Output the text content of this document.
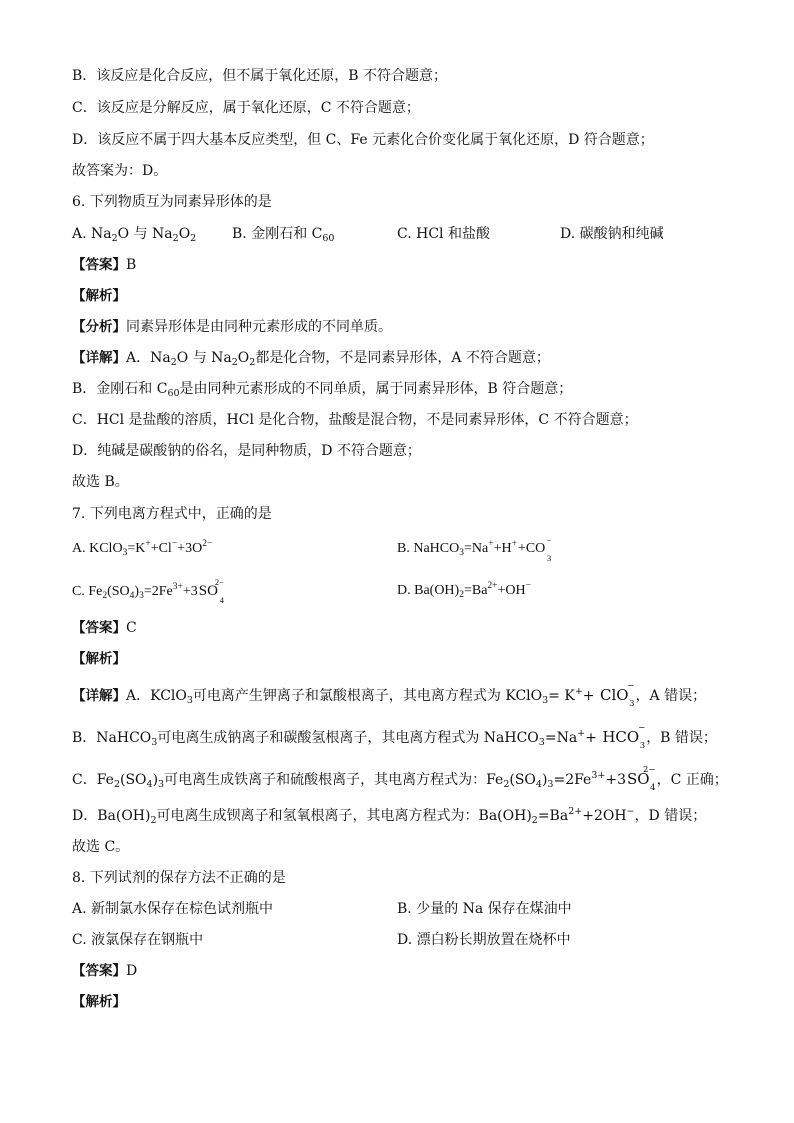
B．该反应是化合反应，但不属于氧化还原，B 不符合题意；
C．该反应是分解反应，属于氧化还原，C 不符合题意；
D．该反应不属于四大基本反应类型，但 C、Fe 元素化合价变化属于氧化还原，D 符合题意；
故答案为：D。
6. 下列物质互为同素异形体的是
A. $Na_2O$ 与 $Na_2O_2$	B. 金刚石和 $C_{60}$	C. HCl 和盐酸	D. 碳酸钠和纯碱
【答案】B
【解析】
【分析】同素异形体是由同种元素形成的不同单质。
【详解】A．$Na_2O$ 与 $Na_2O_2$都是化合物，不是同素异形体，A 不符合题意；
B．金刚石和 $C_{60}$是由同种元素形成的不同单质，属于同素异形体，B 符合题意；
C．HCl 是盐酸的溶质，HCl 是化合物，盐酸是混合物，不是同素异形体，C 不符合题意；
D．纯碱是碳酸钠的俗名，是同种物质，D 不符合题意；
故选 B。
7. 下列电离方程式中，正确的是
A. $KClO_3=K^++Cl^-+3O^{2-}$	B. NaHCO$_3$=Na++H++CO
−
3
C. $Fe_2(SO_4)_3=2Fe^{3+}+3SO$
2−
4
D. $Ba(OH)_2=Ba^{2+}+OH^-$
【答案】C
【解析】
【详解】A．KClO$_3$可电离产生钾离子和氯酸根离子，其电离方程式为 KClO$_3$= K++ ClO
−
3 ，A 错误；
B．NaHCO$_3$可电离生成钠离子和碳酸氢根离子，其电离方程式为 NaHCO$_3$=Na++ HCO
−
3 ，B 错误；
C．$Fe_2(SO_4)_3$可电离生成铁离子和硫酸根离子，其电离方程式为：$Fe_2(SO_4)_3=2Fe^{3+}+3SO$
2−
4 ，C 正确；
D．$Ba(OH)_2$可电离生成钡离子和氢氧根离子，其电离方程式为：$Ba(OH)_2=Ba^{2+}+2OH^-$，D 错误；
故选 C。
8. 下列试剂的保存方法不正确的是
A. 新制氯水保存在棕色试剂瓶中	B. 少量的 Na 保存在煤油中
C. 液氯保存在钢瓶中	D. 漂白粉长期放置在烧杯中
【答案】D
【解析】
